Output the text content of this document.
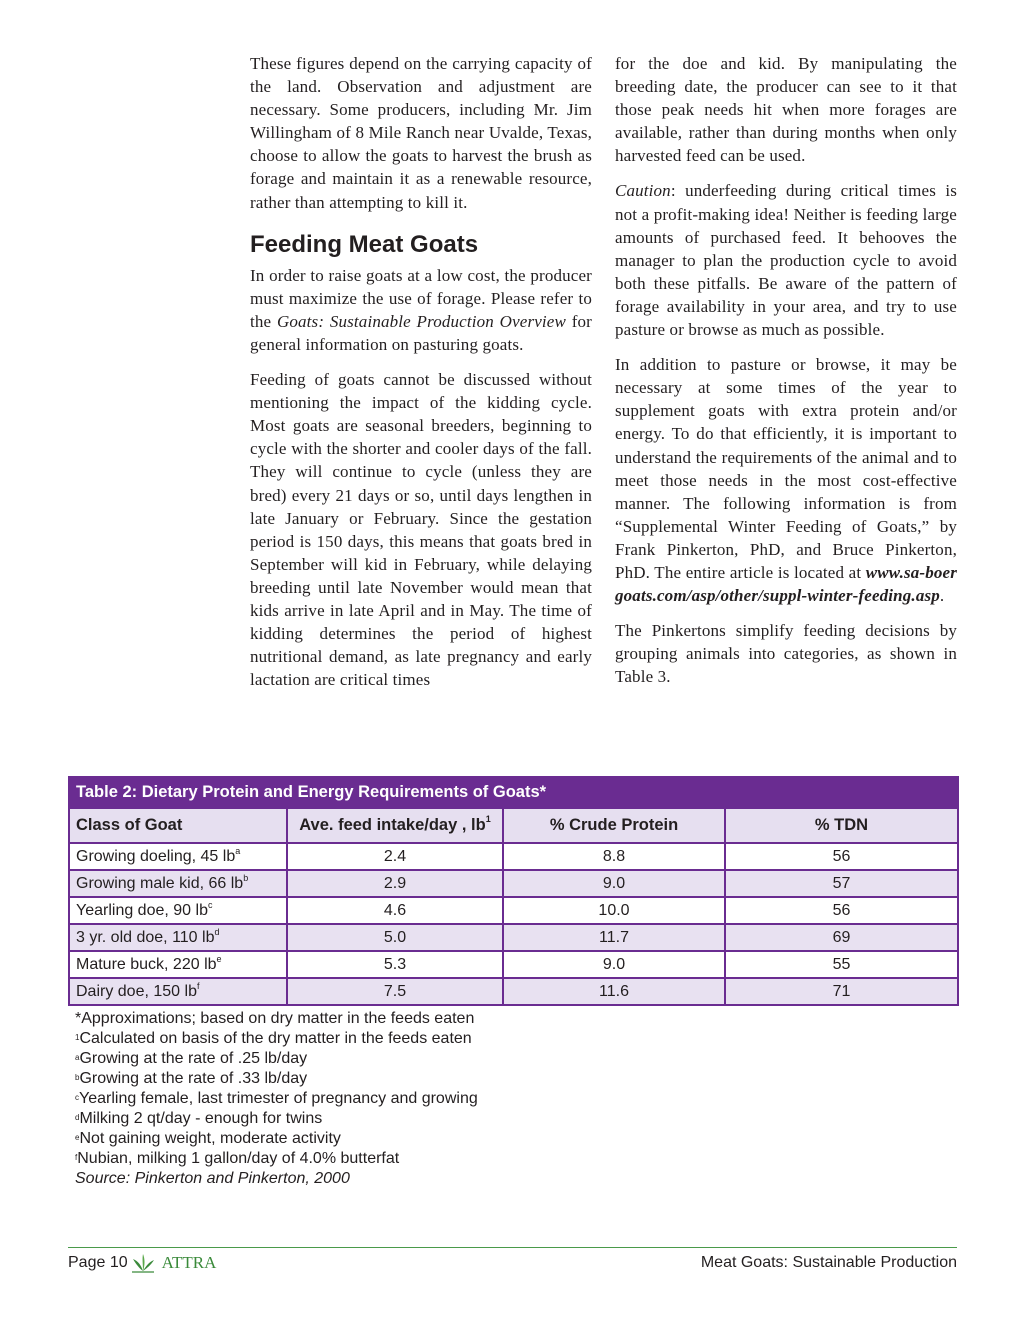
These figures depend on the carrying capacity of the land. Observation and adjustment are necessary. Some producers, including Mr. Jim Willingham of 8 Mile Ranch near Uvalde, Texas, choose to allow the goats to harvest the brush as forage and maintain it as a renewable resource, rather than attempting to kill it.

Feeding Meat Goats

In order to raise goats at a low cost, the producer must maximize the use of forage. Please refer to the Goats: Sustainable Production Overview for general information on pasturing goats.

Feeding of goats cannot be discussed without mentioning the impact of the kidding cycle. Most goats are seasonal breeders, beginning to cycle with the shorter and cooler days of the fall. They will continue to cycle (unless they are bred) every 21 days or so, until days lengthen in late January or February. Since the gestation period is 150 days, this means that goats bred in September will kid in February, while delaying breeding until late November would mean that kids arrive in late April and in May. The time of kidding determines the period of highest nutritional demand, as late pregnancy and early lactation are critical times

for the doe and kid. By manipulating the breeding date, the producer can see to it that those peak needs hit when more forages are available, rather than during months when only harvested feed can be used.

Caution: underfeeding during critical times is not a profit-making idea! Neither is feeding large amounts of purchased feed. It behooves the manager to plan the production cycle to avoid both these pitfalls. Be aware of the pattern of forage availability in your area, and try to use pasture or browse as much as possible.

In addition to pasture or browse, it may be necessary at some times of the year to supplement goats with extra protein and/or energy. To do that efficiently, it is important to understand the requirements of the animal and to meet those needs in the most cost-effective manner. The following information is from “Supplemental Winter Feeding of Goats,” by Frank Pinkerton, PhD, and Bruce Pinkerton, PhD. The entire article is located at www.sa-boergoats.com/asp/other/suppl-winter-feeding.asp.

The Pinkertons simplify feeding decisions by grouping animals into categories, as shown in Table 3.

Table 2: Dietary Protein and Energy Requirements of Goats*			
Class of Goat	Ave. feed intake/day , $lb^1$	% Crude Protein	% TDN
Growing doeling, 45 $lb^a$	2.4	8.8	56
Growing male kid, 66 $lb^b$	2.9	9.0	57
Yearling doe, 90 $lb^c$	4.6	10.0	56
3 yr. old doe, 110 $lb^d$	5.0	11.7	69
Mature buck, 220 $lb^e$	5.3	9.0	55
Dairy doe, 150 $lb^f$	7.5	11.6	71
*Approximations; based on dry matter in the feeds eaten
$^1$Calculated on basis of the dry matter in the feeds eaten
$^a$Growing at the rate of .25 lb/day
$^b$Growing at the rate of .33 lb/day
$^c$Yearling female, last trimester of pregnancy and growing
$^d$Milking 2 qt/day - enough for twins
$^e$Not gaining weight, moderate activity
$^f$Nubian, milking 1 gallon/day of 4.0% butterfat
Source: Pinkerton and Pinkerton, 2000
Page 10 ATTRA	Meat Goats: Sustainable Production
